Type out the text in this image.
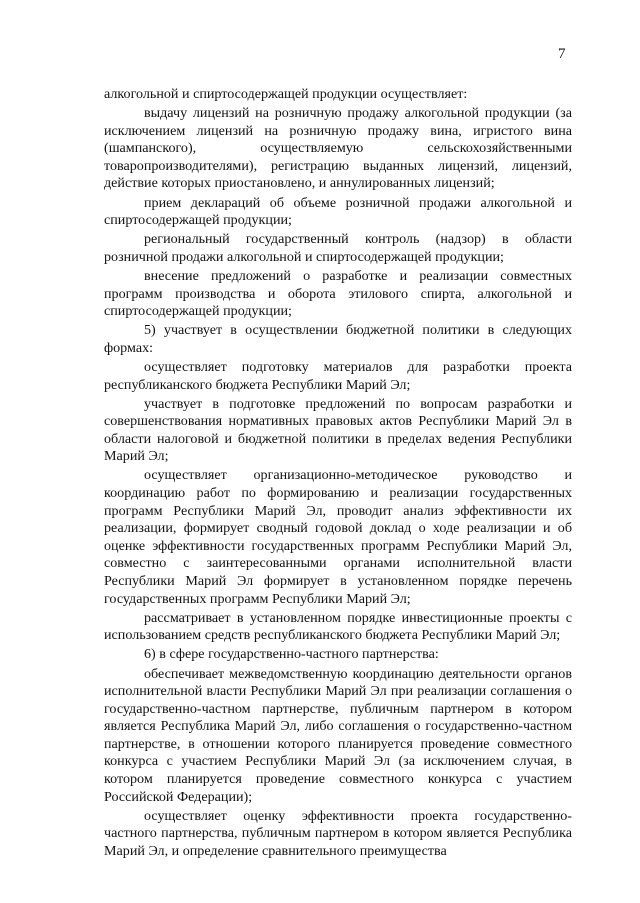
7

алкогольной и спиртосодержащей продукции осуществляет:

выдачу лицензий на розничную продажу алкогольной продукции (за исключением лицензий на розничную продажу вина, игристого вина (шампанского), осуществляемую сельскохозяйственными товаропроизводителями), регистрацию выданных лицензий, лицензий, действие которых приостановлено, и аннулированных лицензий;

прием деклараций об объеме розничной продажи алкогольной и спиртосодержащей продукции;

региональный государственный контроль (надзор) в области розничной продажи алкогольной и спиртосодержащей продукции;

внесение предложений о разработке и реализации совместных программ производства и оборота этилового спирта, алкогольной и спиртосодержащей продукции;

5) участвует в осуществлении бюджетной политики в следующих формах:

осуществляет подготовку материалов для разработки проекта республиканского бюджета Республики Марий Эл;

участвует в подготовке предложений по вопросам разработки и совершенствования нормативных правовых актов Республики Марий Эл в области налоговой и бюджетной политики в пределах ведения Республики Марий Эл;

осуществляет организационно-методическое руководство и координацию работ по формированию и реализации государственных программ Республики Марий Эл, проводит анализ эффективности их реализации, формирует сводный годовой доклад о ходе реализации и об оценке эффективности государственных программ Республики Марий Эл, совместно с заинтересованными органами исполнительной власти Республики Марий Эл формирует в установленном порядке перечень государственных программ Республики Марий Эл;

рассматривает в установленном порядке инвестиционные проекты с использованием средств республиканского бюджета Республики Марий Эл;

6) в сфере государственно-частного партнерства:

обеспечивает межведомственную координацию деятельности органов исполнительной власти Республики Марий Эл при реализации соглашения о государственно-частном партнерстве, публичным партнером в котором является Республика Марий Эл, либо соглашения о государственно-частном партнерстве, в отношении которого планируется проведение совместного конкурса с участием Республики Марий Эл (за исключением случая, в котором планируется проведение совместного конкурса с участием Российской Федерации);

осуществляет оценку эффективности проекта государственно-частного партнерства, публичным партнером в котором является Республика Марий Эл, и определение сравнительного преимущества
